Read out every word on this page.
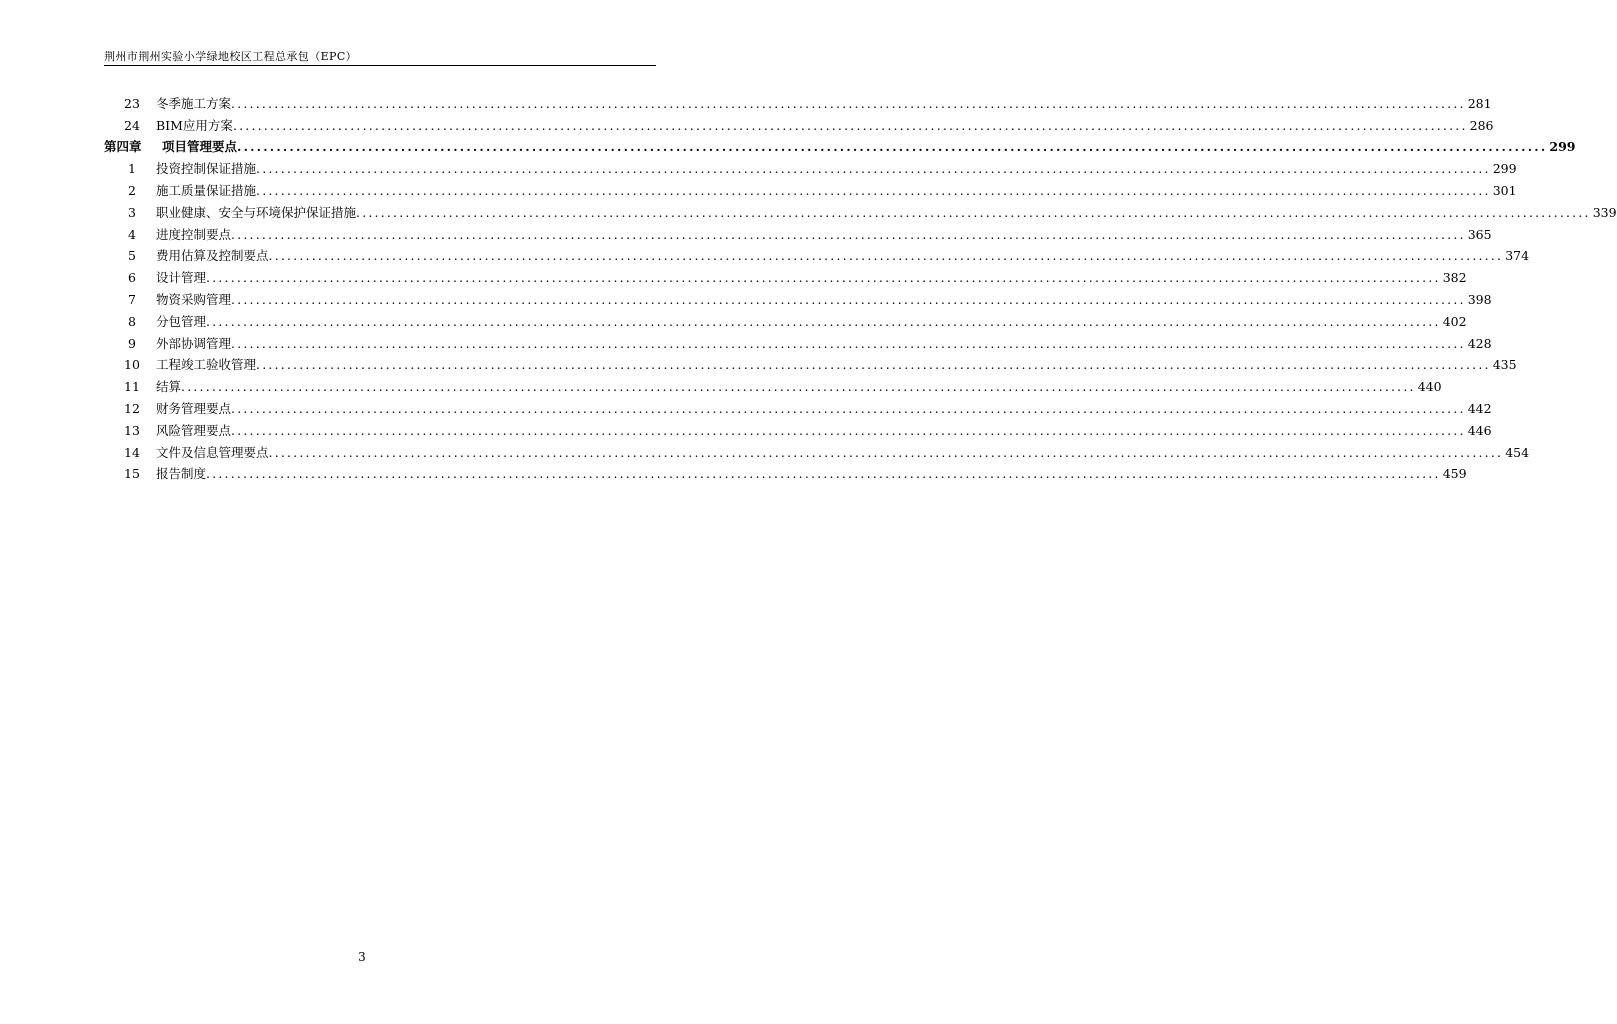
荆州市荆州实验小学绿地校区工程总承包（EPC）
23	冬季施工方案 ........................................................................................................................................................................................................ 281
24	BIM应用方案 ........................................................................................................................................................................................................ 286
第四章	项目管理要点 ........................................................................................................................................................................................................ 299
1	投资控制保证措施 ........................................................................................................................................................................................................ 299
2	施工质量保证措施 ........................................................................................................................................................................................................ 301
3	职业健康、安全与环境保护保证措施 ........................................................................................................................................................................................................ 339
4	进度控制要点 ........................................................................................................................................................................................................ 365
5	费用估算及控制要点 ........................................................................................................................................................................................................ 374
6	设计管理 ........................................................................................................................................................................................................ 382
7	物资采购管理 ........................................................................................................................................................................................................ 398
8	分包管理 ........................................................................................................................................................................................................ 402
9	外部协调管理 ........................................................................................................................................................................................................ 428
10	工程竣工验收管理 ........................................................................................................................................................................................................ 435
11	结算 ........................................................................................................................................................................................................ 440
12	财务管理要点 ........................................................................................................................................................................................................ 442
13	风险管理要点 ........................................................................................................................................................................................................ 446
14	文件及信息管理要点 ........................................................................................................................................................................................................ 454
15	报告制度 ........................................................................................................................................................................................................ 459
3
